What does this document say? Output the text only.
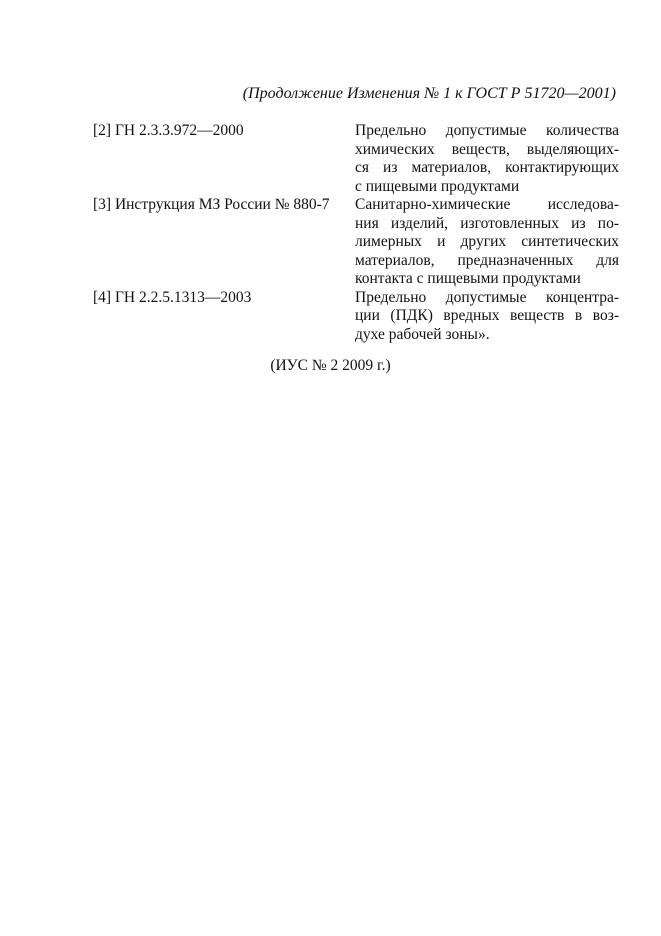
(Продолжение Изменения № 1 к ГОСТ Р 51720—2001)
[2] ГН 2.3.3.972—2000	Предельно допустимые количества
химических веществ, выделяющих-
ся из материалов, контактирующих
с пищевыми продуктами
[3] Инструкция МЗ России № 880-7	Санитарно-химические исследова-
ния изделий, изготовленных из по-
лимерных и других синтетических
материалов, предназначенных для
контакта с пищевыми продуктами
[4] ГН 2.2.5.1313—2003	Предельно допустимые концентра-
ции (ПДК) вредных веществ в воз-
духе рабочей зоны».
(ИУС № 2 2009 г.)
